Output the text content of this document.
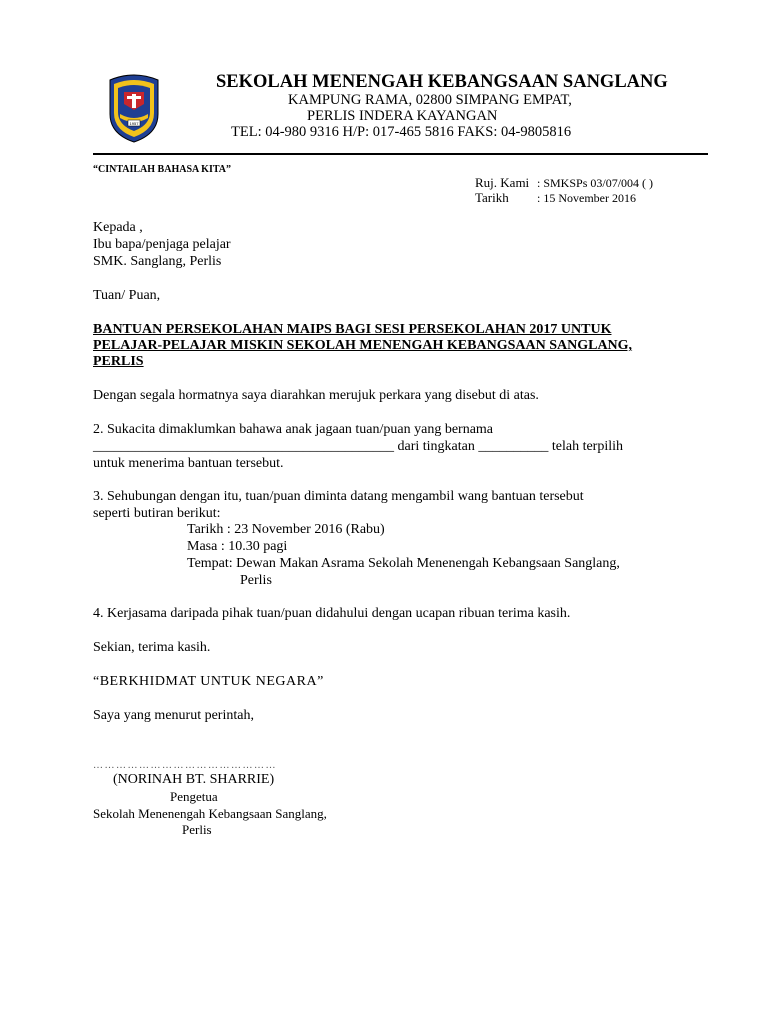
1957
SEKOLAH MENENGAH KEBANGSAAN SANGLANG
KAMPUNG RAMA, 02800 SIMPANG EMPAT,
PERLIS INDERA KAYANGAN
TEL: 04-980 9316 H/P: 017-465 5816 FAKS: 04-9805816
“CINTAILAH BAHASA KITA”
Ruj. Kami : SMKSPs 03/07/004 ( )
Tarikh : 15 November 2016
Kepada ,
Ibu bapa/penjaga pelajar
SMK. Sanglang, Perlis
Tuan/ Puan,
BANTUAN PERSEKOLAHAN MAIPS BAGI SESI PERSEKOLAHAN 2017 UNTUK
PELAJAR-PELAJAR MISKIN SEKOLAH MENENGAH KEBANGSAAN SANGLANG,
PERLIS
Dengan segala hormatnya saya diarahkan merujuk perkara yang disebut di atas.
2. Sukacita dimaklumkan bahawa anak jagaan tuan/puan yang bernama
___________________________________________ dari tingkatan __________ telah terpilih
untuk menerima bantuan tersebut.
3. Sehubungan dengan itu, tuan/puan diminta datang mengambil wang bantuan tersebut
seperti butiran berikut:
Tarikh : 23 November 2016 (Rabu)
Masa : 10.30 pagi
Tempat: Dewan Makan Asrama Sekolah Menenengah Kebangsaan Sanglang,
Perlis
4. Kerjasama daripada pihak tuan/puan didahului dengan ucapan ribuan terima kasih.
Sekian, terima kasih.
“BERKHIDMAT UNTUK NEGARA”
Saya yang menurut perintah,
…………………………………………
(NORINAH BT. SHARRIE)
Pengetua
Sekolah Menenengah Kebangsaan Sanglang,
Perlis
